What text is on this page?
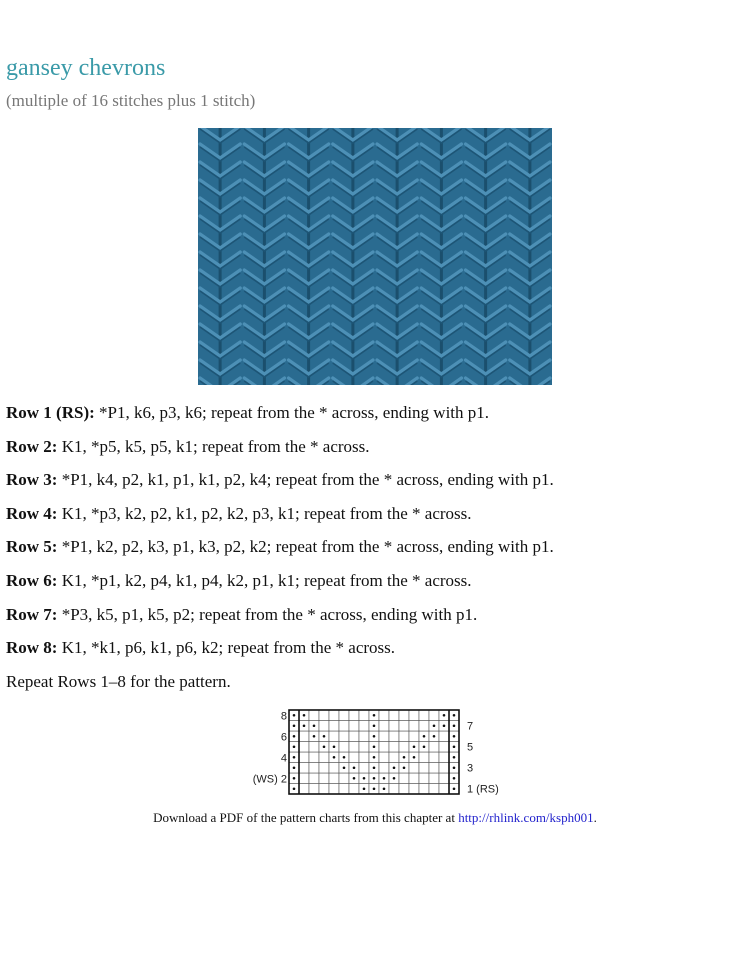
gansey chevrons

(multiple of 16 stitches plus 1 stitch)

Row 1 (RS): *P1, k6, p3, k6; repeat from the * across, ending with p1.
Row 2: K1, *p5, k5, p5, k1; repeat from the * across.
Row 3: *P1, k4, p2, k1, p1, k1, p2, k4; repeat from the * across, ending with p1.
Row 4: K1, *p3, k2, p2, k1, p2, k2, p3, k1; repeat from the * across.
Row 5: *P1, k2, p2, k3, p1, k3, p2, k2; repeat from the * across, ending with p1.
Row 6: K1, *p1, k2, p4, k1, p4, k2, p1, k1; repeat from the * across.
Row 7: *P3, k5, p1, k5, p2; repeat from the * across, ending with p1.
Row 8: K1, *k1, p6, k1, p6, k2; repeat from the * across.
Repeat Rows 1–8 for the pattern.
8
6
4
(WS) 2
7
5
3
1 (RS)
Download a PDF of the pattern charts from this chapter at http://rhlink.com/ksph001.
